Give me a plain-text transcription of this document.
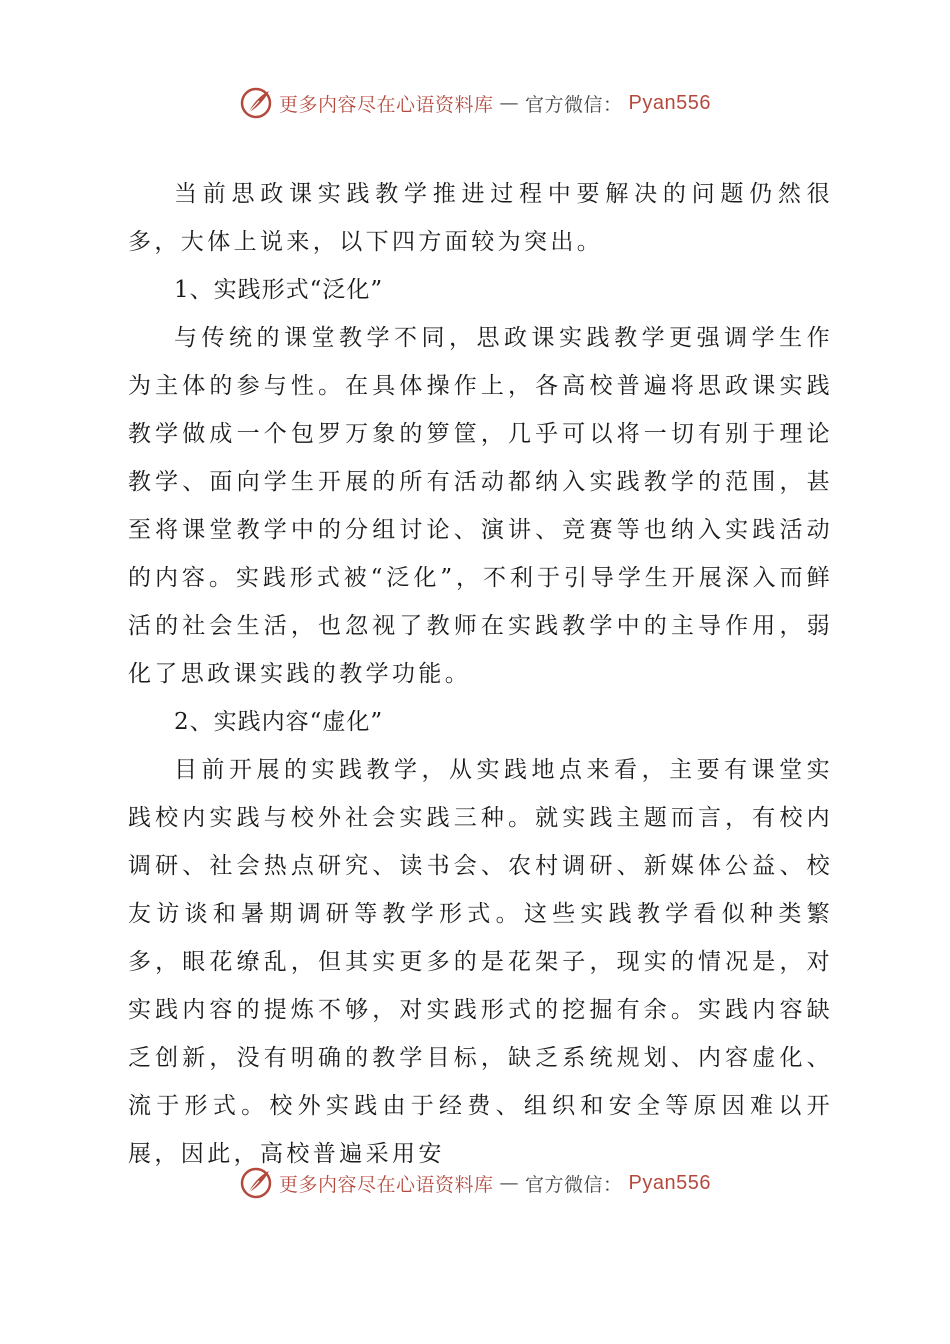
更多内容尽在心语资料库 — 官方微信： Pyan556

当前思政课实践教学推进过程中要解决的问题仍然很多，大体上说来，以下四方面较为突出。

1、实践形式“泛化”

与传统的课堂教学不同，思政课实践教学更强调学生作为主体的参与性。在具体操作上，各高校普遍将思政课实践教学做成一个包罗万象的箩筐，几乎可以将一切有别于理论教学、面向学生开展的所有活动都纳入实践教学的范围，甚至将课堂教学中的分组讨论、演讲、竞赛等也纳入实践活动的内容。实践形式被“泛化”，不利于引导学生开展深入而鲜活的社会生活，也忽视了教师在实践教学中的主导作用，弱化了思政课实践的教学功能。

2、实践内容“虚化”

目前开展的实践教学，从实践地点来看，主要有课堂实践校内实践与校外社会实践三种。就实践主题而言，有校内调研、社会热点研究、读书会、农村调研、新媒体公益、校友访谈和暑期调研等教学形式。这些实践教学看似种类繁多，眼花缭乱，但其实更多的是花架子，现实的情况是，对实践内容的提炼不够，对实践形式的挖掘有余。实践内容缺乏创新，没有明确的教学目标，缺乏系统规划、内容虚化、流于形式。校外实践由于经费、组织和安全等原因难以开展，因此，高校普遍采用安

更多内容尽在心语资料库 — 官方微信： Pyan556
